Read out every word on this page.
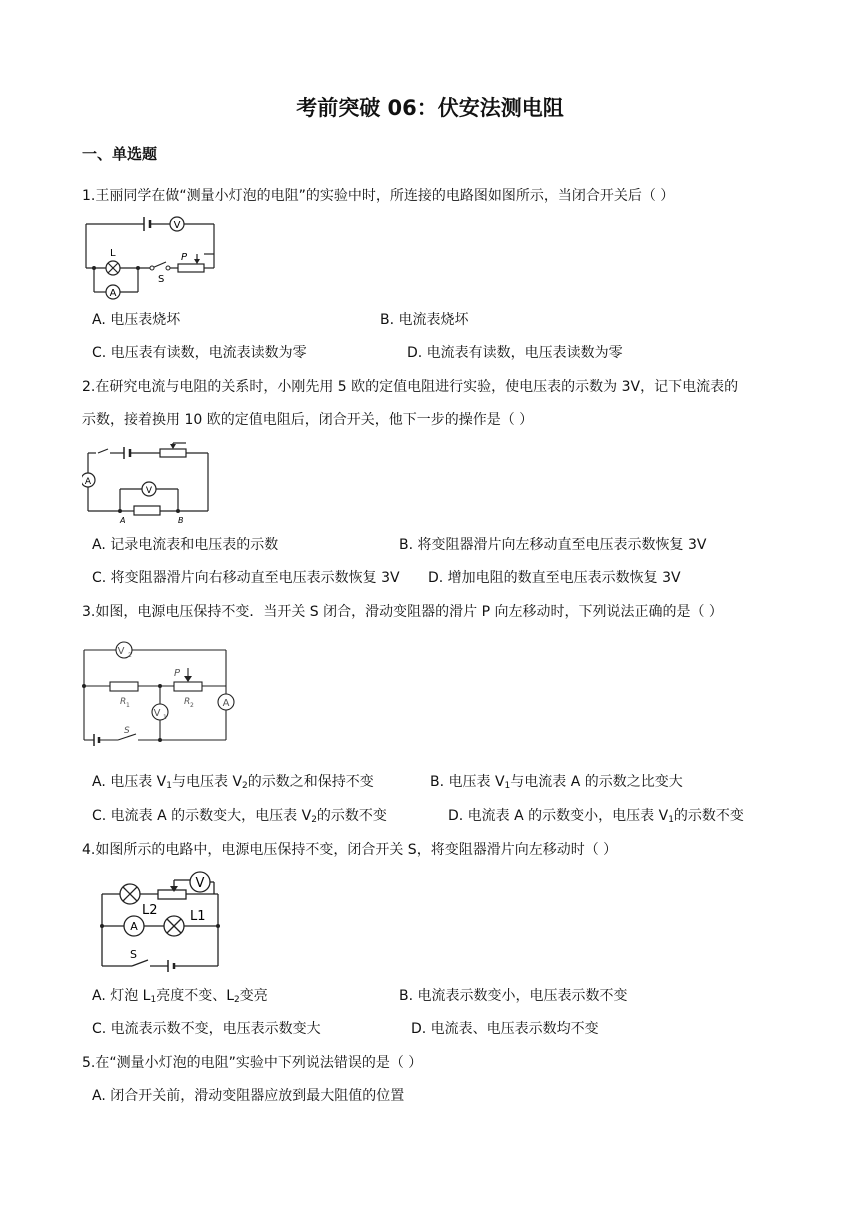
考前突破 06：伏安法测电阻
一、单选题
1.王丽同学在做“测量小灯泡的电阻”的实验中时，所连接的电路图如图所示，当闭合开关后（ ）
V
A
L
S
P
A. 电压表烧坏	B. 电流表烧坏
C. 电压表有读数，电流表读数为零	D. 电流表有读数，电压表读数为零
2.在研究电流与电阻的关系时，小刚先用 5 欧的定值电阻进行实验，使电压表的示数为 3V，记下电流表的
示数，接着换用 10 欧的定值电阻后，闭合开关，他下一步的操作是（ ）
A
V
A	B
A. 记录电流表和电压表的示数	B. 将变阻器滑片向左移动直至电压表示数恢复 3V
C. 将变阻器滑片向右移动直至电压表示数恢复 3V D. 增加电阻的数直至电压表示数恢复 3V
3.如图，电源电压保持不变．当开关 S 闭合，滑动变阻器的滑片 P 向左移动时，下列说法正确的是（ ）
V 2
V 1
A
R 1	R 2
P
S
A. 电压表 $V_1$与电压表 $V_2$的示数之和保持不变	B. 电压表 $V_1$与电流表 A 的示数之比变大
C. 电流表 A 的示数变大，电压表 $V_2$的示数不变	D. 电流表 A 的示数变小，电压表 $V_1$的示数不变
4.如图所示的电路中，电源电压保持不变，闭合开关 S，将变阻器滑片向左移动时（ ）
V
A
L2 L1
S
A. 灯泡 $L_1$亮度不变、$L_2$变亮	B. 电流表示数变小，电压表示数不变
C. 电流表示数不变，电压表示数变大	D. 电流表、电压表示数均不变
5.在“测量小灯泡的电阻”实验中下列说法错误的是（ ）
A. 闭合开关前，滑动变阻器应放到最大阻值的位置
